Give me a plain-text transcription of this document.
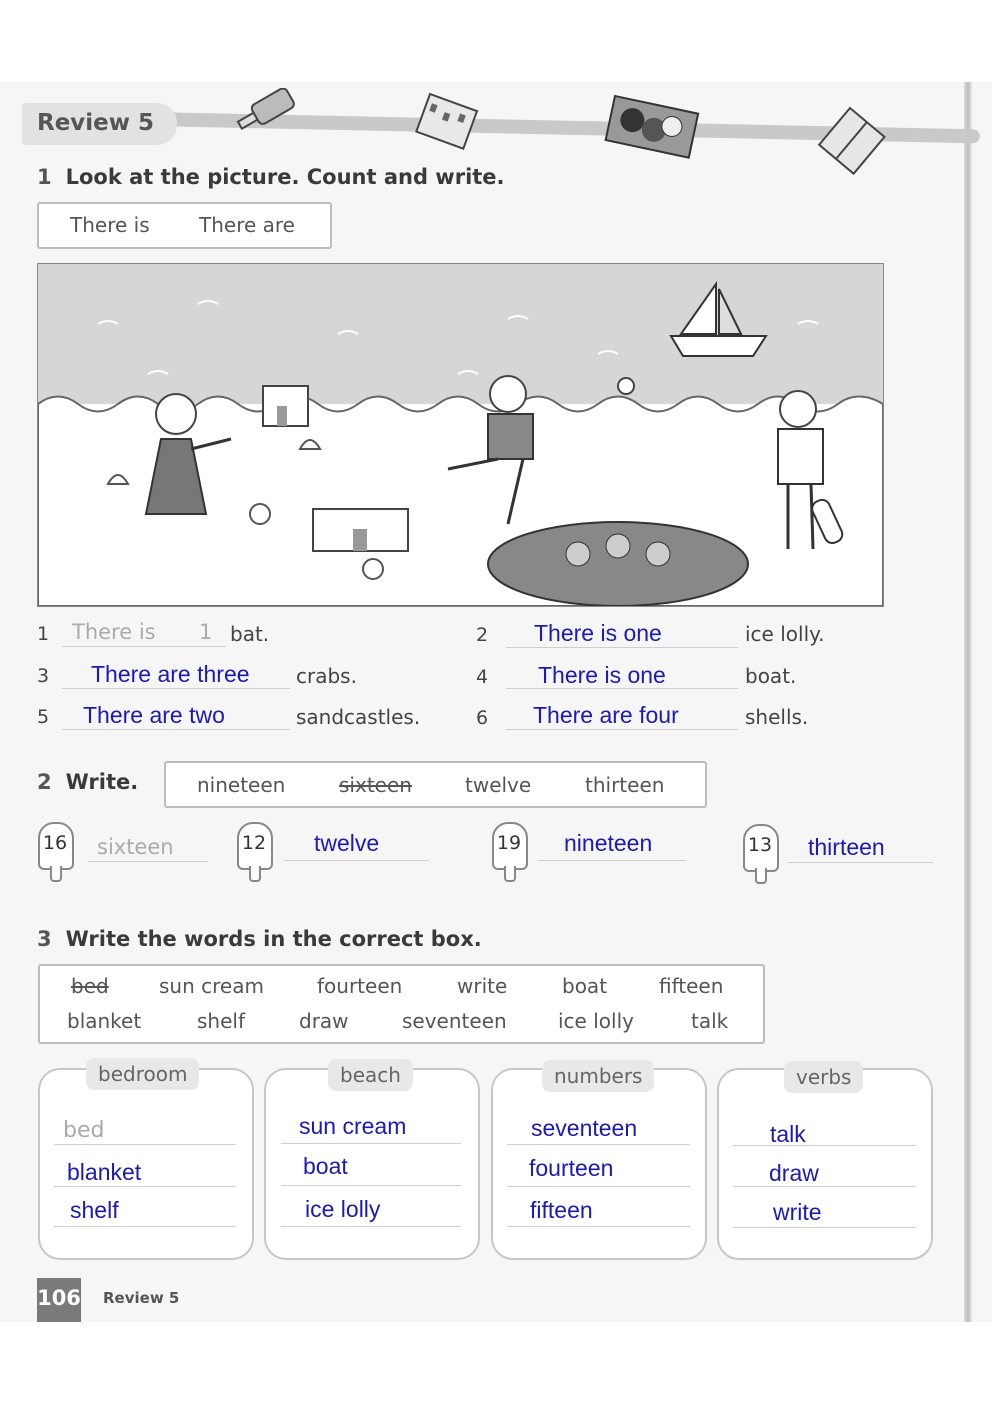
Review 5
1 Look at the picture. Count and write.
There is There are
1 There is 1 bat.	2 There is one	ice lolly.
3 There are three crabs.	4 There is one	boat.
5 There are two	sandcastles.	6 There are four	shells.
2 Write.	nineteen	sixteen	twelve	thirteen
16 sixteen	12 twelve	19 nineteen	13 thirteen
3 Write the words in the correct box.
bed	sun cream	fourteen	write	boat	fifteen
blanket	shelf	draw	seventeen	ice lolly	talk
bedroom
bed
blanket
shelf
beach
sun cream
boat
ice lolly
numbers
seventeen
fourteen
fifteen
verbs
talk
draw
write
106 Review 5
